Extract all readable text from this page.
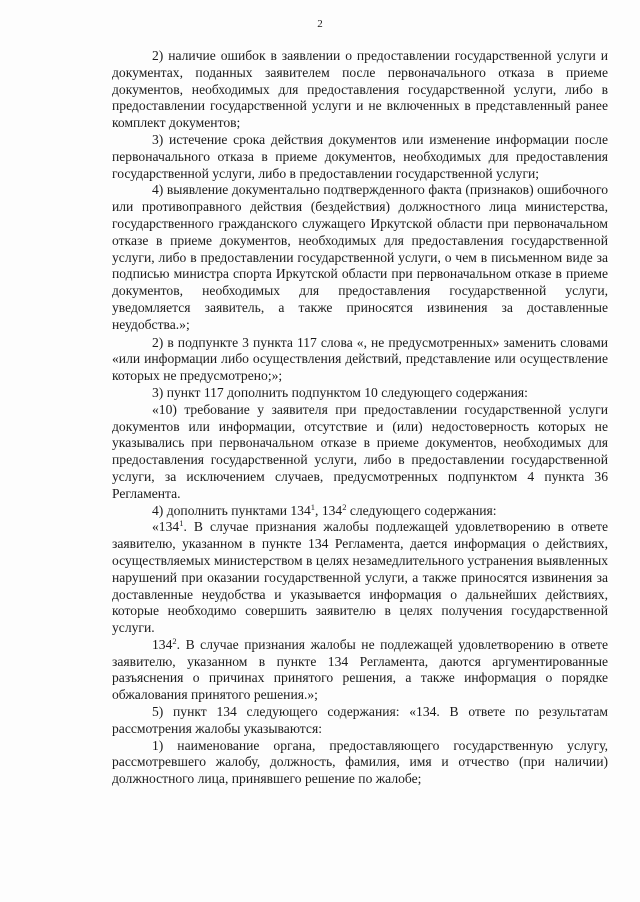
2

2) наличие ошибок в заявлении о предоставлении государственной услуги и документах, поданных заявителем после первоначального отказа в приеме документов, необходимых для предоставления государственной услуги, либо в предоставлении государственной услуги и не включенных в представленный ранее комплект документов;

3) истечение срока действия документов или изменение информации после первоначального отказа в приеме документов, необходимых для предоставления государственной услуги, либо в предоставлении государственной услуги;

4) выявление документально подтвержденного факта (признаков) ошибочного или противоправного действия (бездействия) должностного лица министерства, государственного гражданского служащего Иркутской области при первоначальном отказе в приеме документов, необходимых для предоставления государственной услуги, либо в предоставлении государственной услуги, о чем в письменном виде за подписью министра спорта Иркутской области при первоначальном отказе в приеме документов, необходимых для предоставления государственной услуги, уведомляется заявитель, а также приносятся извинения за доставленные неудобства.»;

2) в подпункте 3 пункта 117 слова «, не предусмотренных» заменить словами «или информации либо осуществления действий, представление или осуществление которых не предусмотрено;»;

3) пункт 117 дополнить подпунктом 10 следующего содержания:

«10) требование у заявителя при предоставлении государственной услуги документов или информации, отсутствие и (или) недостоверность которых не указывались при первоначальном отказе в приеме документов, необходимых для предоставления государственной услуги, либо в предоставлении государственной услуги, за исключением случаев, предусмотренных подпунктом 4 пункта 36 Регламента.

4) дополнить пунктами $134^1$, $134^2$ следующего содержания:

«$134^1$. В случае признания жалобы подлежащей удовлетворению в ответе заявителю, указанном в пункте 134 Регламента, дается информация о действиях, осуществляемых министерством в целях незамедлительного устранения выявленных нарушений при оказании государственной услуги, а также приносятся извинения за доставленные неудобства и указывается информация о дальнейших действиях, которые необходимо совершить заявителю в целях получения государственной услуги.

$134^2$. В случае признания жалобы не подлежащей удовлетворению в ответе заявителю, указанном в пункте 134 Регламента, даются аргументированные разъяснения о причинах принятого решения, а также информация о порядке обжалования принятого решения.»;

5) пункт 134 следующего содержания: «134. В ответе по результатам рассмотрения жалобы указываются:

1) наименование органа, предоставляющего государственную услугу, рассмотревшего жалобу, должность, фамилия, имя и отчество (при наличии) должностного лица, принявшего решение по жалобе;
